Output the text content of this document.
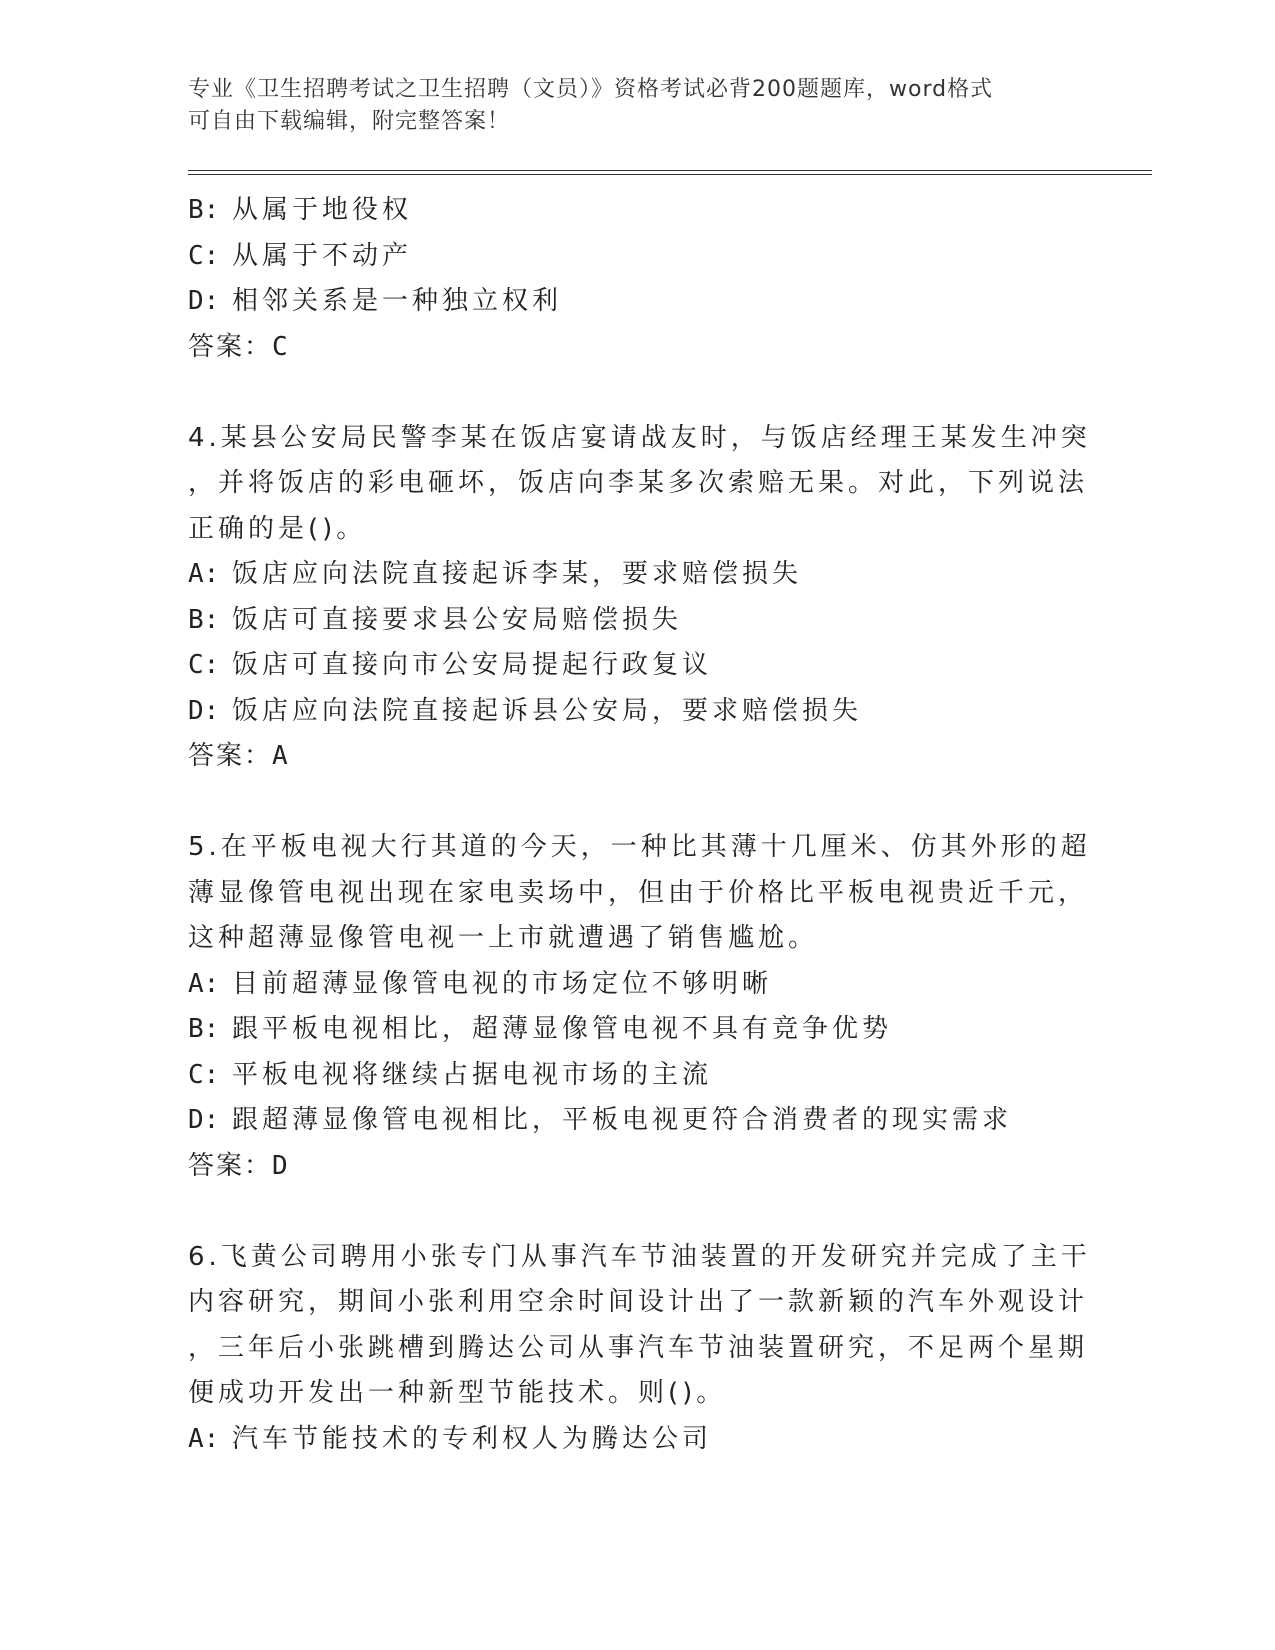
专业《卫生招聘考试之卫生招聘（文员）》资格考试必背200题题库，word格式
可自由下载编辑，附完整答案！
B: 从属于地役权
C: 从属于不动产
D: 相邻关系是一种独立权利
答案：C
4.某县公安局民警李某在饭店宴请战友时，与饭店经理王某发生冲突
，并将饭店的彩电砸坏，饭店向李某多次索赔无果。对此，下列说法
正确的是()。
A: 饭店应向法院直接起诉李某，要求赔偿损失
B: 饭店可直接要求县公安局赔偿损失
C: 饭店可直接向市公安局提起行政复议
D: 饭店应向法院直接起诉县公安局，要求赔偿损失
答案：A
5.在平板电视大行其道的今天，一种比其薄十几厘米、仿其外形的超
薄显像管电视出现在家电卖场中，但由于价格比平板电视贵近千元，
这种超薄显像管电视一上市就遭遇了销售尴尬。
A: 目前超薄显像管电视的市场定位不够明晰
B: 跟平板电视相比，超薄显像管电视不具有竞争优势
C: 平板电视将继续占据电视市场的主流
D: 跟超薄显像管电视相比，平板电视更符合消费者的现实需求
答案：D
6.飞黄公司聘用小张专门从事汽车节油装置的开发研究并完成了主干
内容研究，期间小张利用空余时间设计出了一款新颖的汽车外观设计
，三年后小张跳槽到腾达公司从事汽车节油装置研究，不足两个星期
便成功开发出一种新型节能技术。则()。
A: 汽车节能技术的专利权人为腾达公司
